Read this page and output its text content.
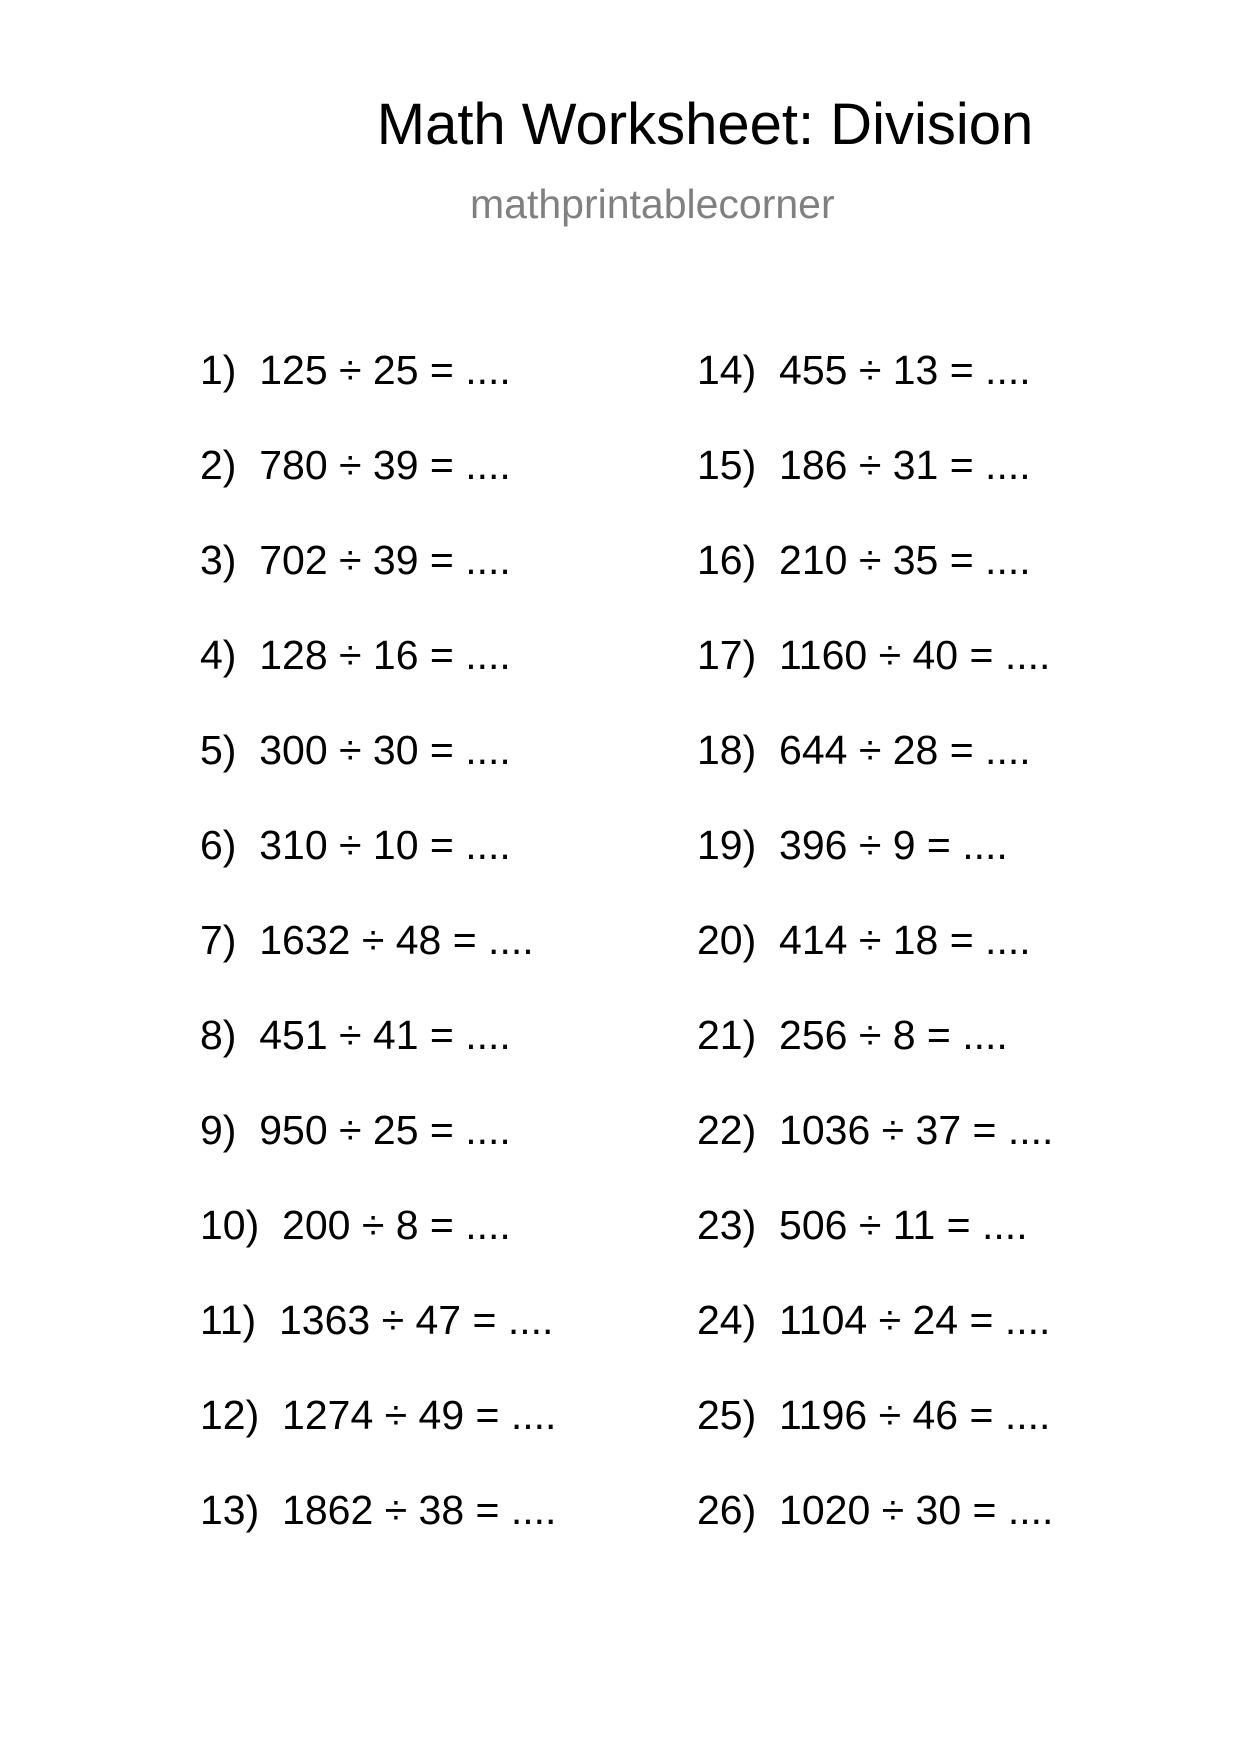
Math Worksheet: Division
mathprintablecorner
1)  125 ÷ 25 = ....
2)  780 ÷ 39 = ....
3)  702 ÷ 39 = ....
4)  128 ÷ 16 = ....
5)  300 ÷ 30 = ....
6)  310 ÷ 10 = ....
7)  1632 ÷ 48 = ....
8)  451 ÷ 41 = ....
9)  950 ÷ 25 = ....
10)  200 ÷ 8 = ....
11)  1363 ÷ 47 = ....
12)  1274 ÷ 49 = ....
13)  1862 ÷ 38 = ....
14)  455 ÷ 13 = ....
15)  186 ÷ 31 = ....
16)  210 ÷ 35 = ....
17)  1160 ÷ 40 = ....
18)  644 ÷ 28 = ....
19)  396 ÷ 9 = ....
20)  414 ÷ 18 = ....
21)  256 ÷ 8 = ....
22)  1036 ÷ 37 = ....
23)  506 ÷ 11 = ....
24)  1104 ÷ 24 = ....
25)  1196 ÷ 46 = ....
26)  1020 ÷ 30 = ....
